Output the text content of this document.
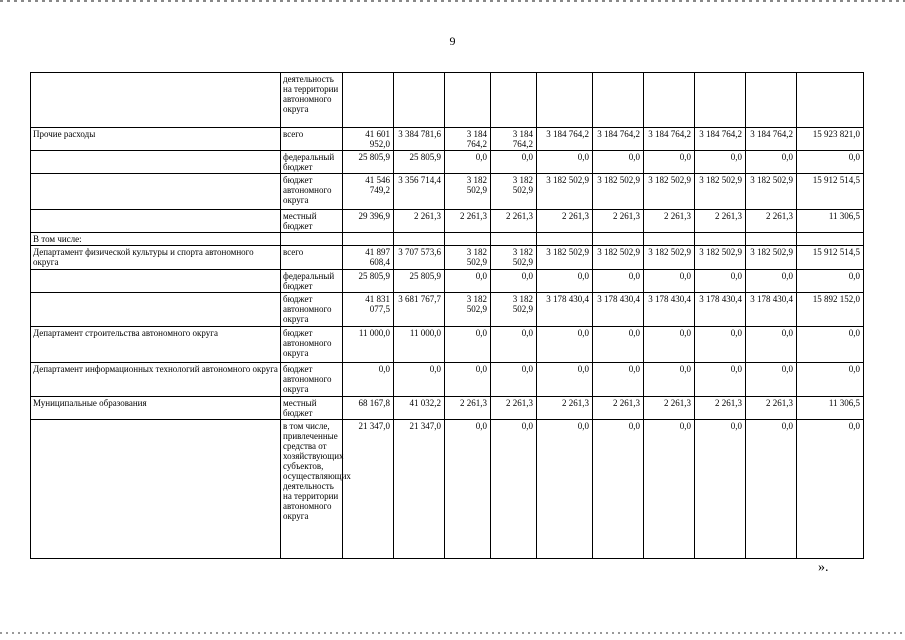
9
	деятельность на территории автономного округа										
Прочие расходы	всего	41 601 952,0	3 384 781,6	3 184 764,2	3 184 764,2	3 184 764,2	3 184 764,2	3 184 764,2	3 184 764,2	3 184 764,2	15 923 821,0
	федеральный бюджет	25 805,9	25 805,9	0,0	0,0	0,0	0,0	0,0	0,0	0,0	0,0
	бюджет автономного округа	41 546 749,2	3 356 714,4	3 182 502,9	3 182 502,9	3 182 502,9	3 182 502,9	3 182 502,9	3 182 502,9	3 182 502,9	15 912 514,5
	местный бюджет	29 396,9	2 261,3	2 261,3	2 261,3	2 261,3	2 261,3	2 261,3	2 261,3	2 261,3	11 306,5
В том числе:											
Департамент физической культуры и спорта автономного округа	всего	41 897 608,4	3 707 573,6	3 182 502,9	3 182 502,9	3 182 502,9	3 182 502,9	3 182 502,9	3 182 502,9	3 182 502,9	15 912 514,5
	федеральный бюджет	25 805,9	25 805,9	0,0	0,0	0,0	0,0	0,0	0,0	0,0	0,0
	бюджет автономного округа	41 831 077,5	3 681 767,7	3 182 502,9	3 182 502,9	3 178 430,4	3 178 430,4	3 178 430,4	3 178 430,4	3 178 430,4	15 892 152,0
Департамент строительства автономного округа	бюджет автономного округа	11 000,0	11 000,0	0,0	0,0	0,0	0,0	0,0	0,0	0,0	0,0
Департамент информационных технологий автономного округа	бюджет автономного округа	0,0	0,0	0,0	0,0	0,0	0,0	0,0	0,0	0,0	0,0
Муниципальные образования	местный бюджет	68 167,8	41 032,2	2 261,3	2 261,3	2 261,3	2 261,3	2 261,3	2 261,3	2 261,3	11 306,5
	в том числе, привлеченные средства от хозяйствующих субъектов, осуществляющих деятельность на территории автономного округа	21 347,0	21 347,0	0,0	0,0	0,0	0,0	0,0	0,0	0,0	0,0
».
